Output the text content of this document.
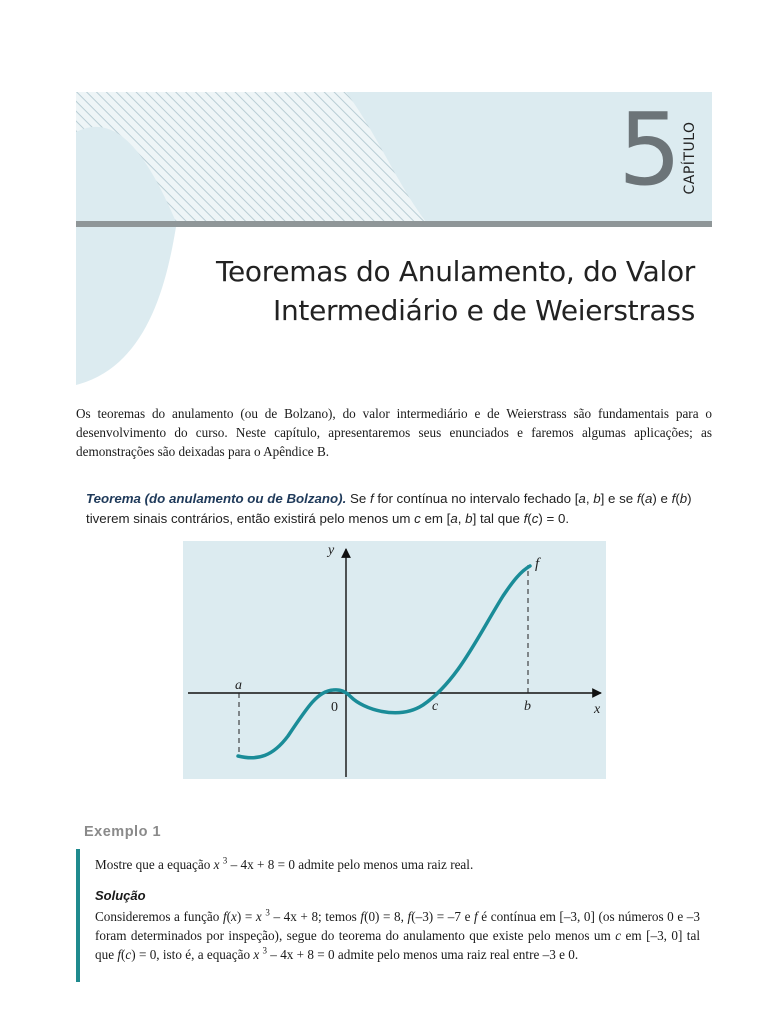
5 CAPÍTULO
Teoremas do Anulamento, do Valor
Intermediário e de Weierstrass
Os teoremas do anulamento (ou de Bolzano), do valor intermediário e de Weierstrass são fundamentais para o desenvolvimento do curso. Neste capítulo, apresentaremos seus enunciados e faremos algumas aplicações; as demonstrações são deixadas para o Apêndice B.
Teorema (do anulamento ou de Bolzano). Se f for contínua no intervalo fechado [a, b] e se f(a) e f(b)
tiverem sinais contrários, então existirá pelo menos um c em [a, b] tal que f(c) = 0.
y
x
0
a
b
c
f
Exemplo 1
Mostre que a equação x $^3$ – 4x + 8 = 0 admite pelo menos uma raiz real.
Solução
Consideremos a função f(x) = x $^3$ – 4x + 8; temos f(0) = 8, f(–3) = –7 e f é contínua em [–3, 0] (os números 0 e –3 foram determinados por inspeção), segue do teorema do anulamento que existe pelo menos um c em [–3, 0] tal que f(c) = 0, isto é, a equação x $^3$ – 4x + 8 = 0 admite pelo menos uma raiz real entre –3 e 0.
